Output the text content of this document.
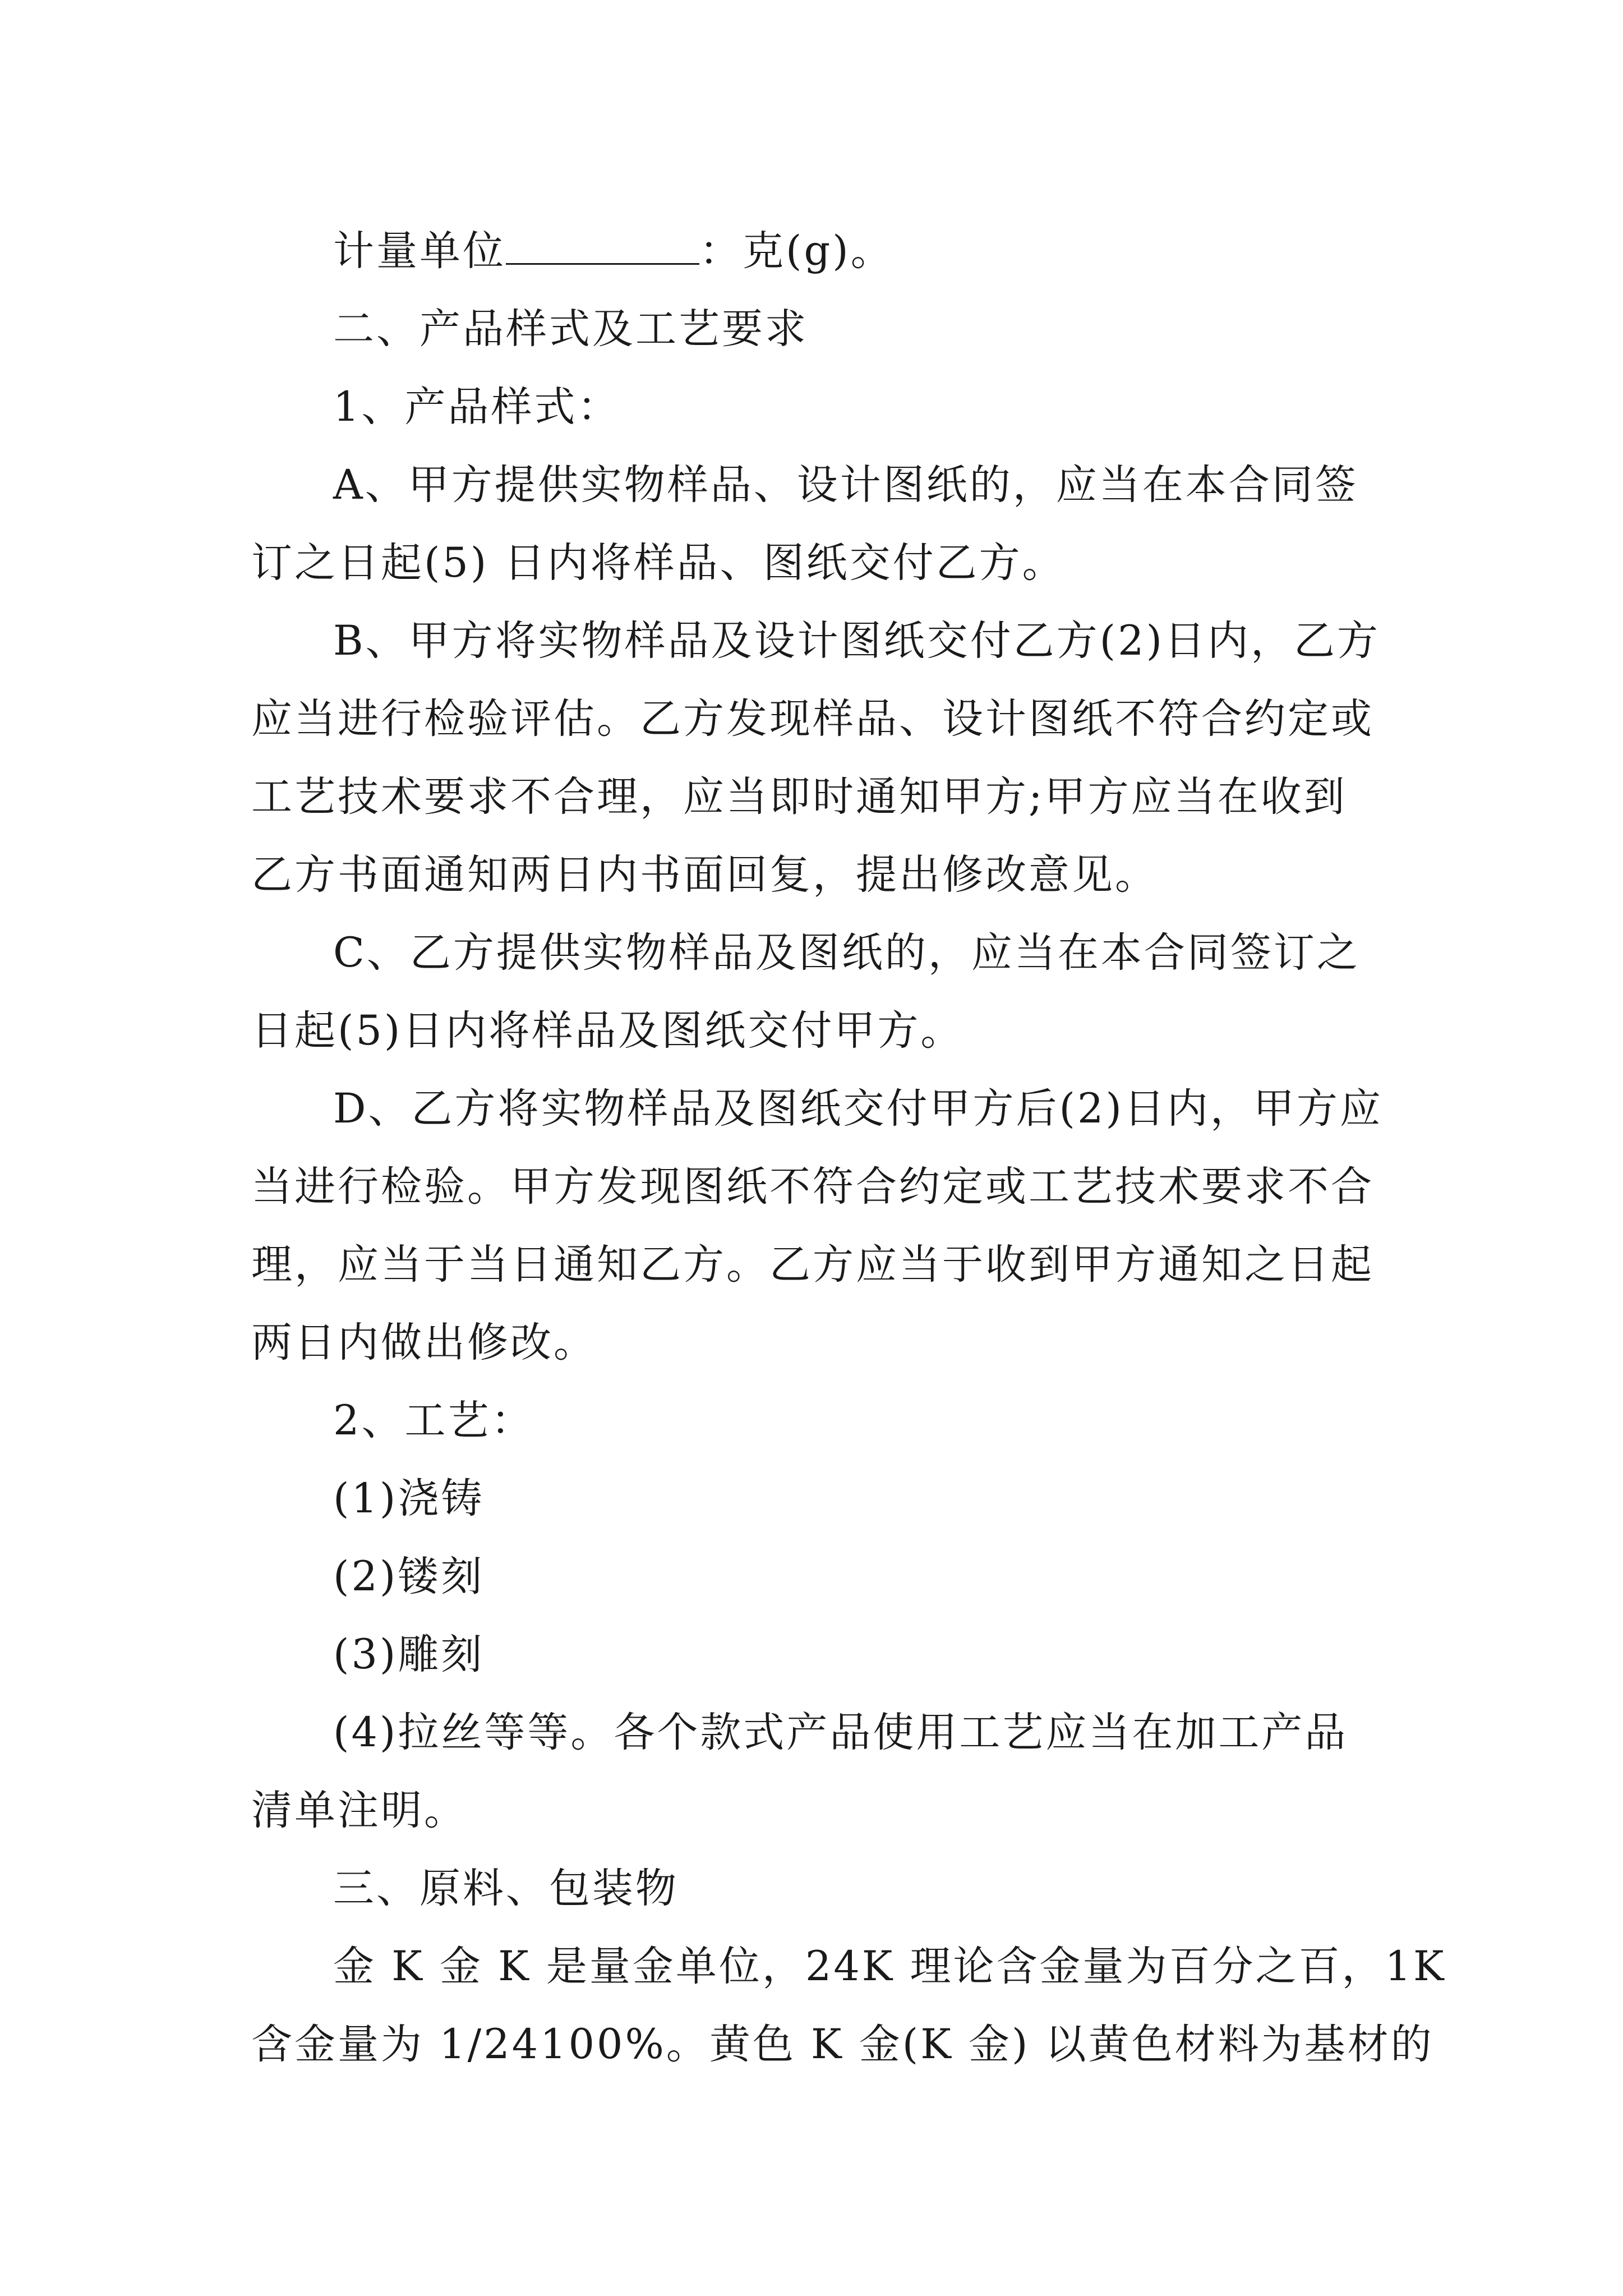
计量单位	：克(g)。
二、产品样式及工艺要求
1、产品样式：
A、甲方提供实物样品、设计图纸的，应当在本合同签
订之日起(5) 日内将样品、图纸交付乙方。
B、甲方将实物样品及设计图纸交付乙方(2)日内，乙方
应当进行检验评估。乙方发现样品、设计图纸不符合约定或
工艺技术要求不合理，应当即时通知甲方;甲方应当在收到
乙方书面通知两日内书面回复，提出修改意见。
C、乙方提供实物样品及图纸的，应当在本合同签订之
日起(5)日内将样品及图纸交付甲方。
D、乙方将实物样品及图纸交付甲方后(2)日内，甲方应
当进行检验。甲方发现图纸不符合约定或工艺技术要求不合
理，应当于当日通知乙方。乙方应当于收到甲方通知之日起
两日内做出修改。
2、工艺：
(1)浇铸
(2)镂刻
(3)雕刻
(4)拉丝等等。各个款式产品使用工艺应当在加工产品
清单注明。
三、原料、包装物
金 K 金 K 是量金单位，24K 理论含金量为百分之百，1K
含金量为 1/24100%。黄色 K 金(K 金) 以黄色材料为基材的
